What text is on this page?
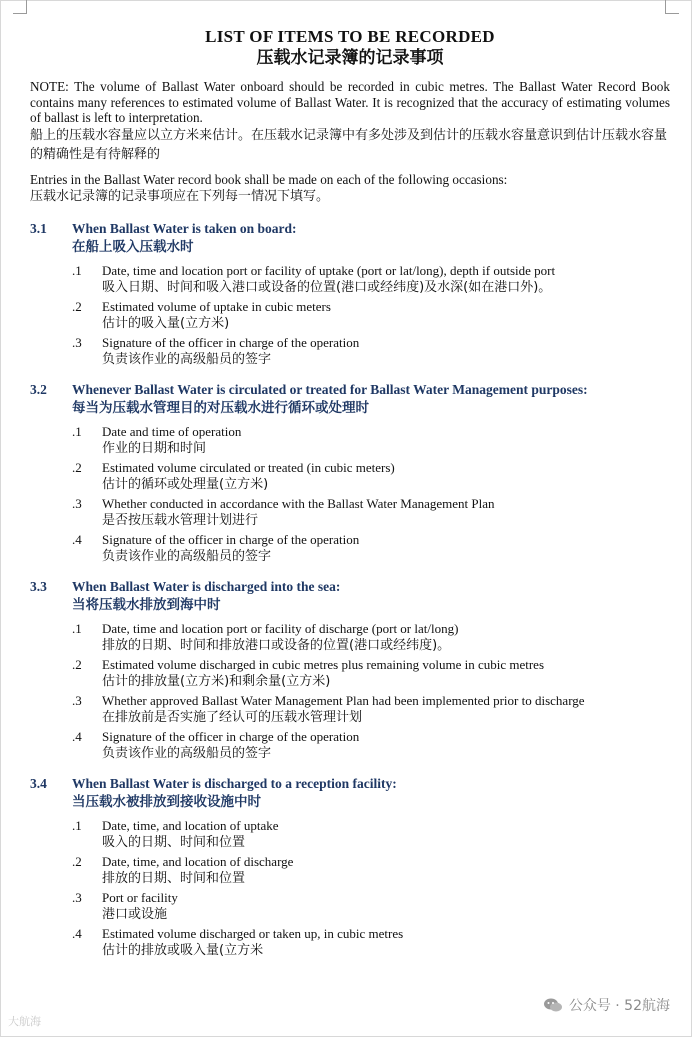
LIST OF ITEMS TO BE RECORDED
压载水记录簿的记录事项
NOTE: The volume of Ballast Water onboard should be recorded in cubic metres. The Ballast Water Record Book contains many references to estimated volume of Ballast Water. It is recognized that the accuracy of estimating volumes of ballast is left to interpretation.
船上的压载水容量应以立方米来估计。在压载水记录簿中有多处涉及到估计的压载水容量意识到估计压载水容量的精确性是有待解释的
Entries in the Ballast Water record book shall be made on each of the following occasions:
压载水记录簿的记录事项应在下列每一情况下填写。
3.1	When Ballast Water is taken on board:
在船上吸入压载水时
.1	Date, time and location port or facility of uptake (port or lat/long), depth if outside port
吸入日期、时间和吸入港口或设备的位置(港口或经纬度)及水深(如在港口外)。
.2	Estimated volume of uptake in cubic meters
估计的吸入量(立方米)
.3	Signature of the officer in charge of the operation
负责该作业的高级船员的签字
3.2	Whenever Ballast Water is circulated or treated for Ballast Water Management purposes:
每当为压载水管理目的对压载水进行循环或处理时
.1	Date and time of operation
作业的日期和时间
.2	Estimated volume circulated or treated (in cubic meters)
估计的循环或处理量(立方米)
.3	Whether conducted in accordance with the Ballast Water Management Plan
是否按压载水管理计划进行
.4	Signature of the officer in charge of the operation
负责该作业的高级船员的签字
3.3	When Ballast Water is discharged into the sea:
当将压载水排放到海中时
.1	Date, time and location port or facility of discharge (port or lat/long)
排放的日期、时间和排放港口或设备的位置(港口或经纬度)。
.2	Estimated volume discharged in cubic metres plus remaining volume in cubic metres
估计的排放量(立方米)和剩余量(立方米)
.3	Whether approved Ballast Water Management Plan had been implemented prior to discharge
在排放前是否实施了经认可的压载水管理计划
.4	Signature of the officer in charge of the operation
负责该作业的高级船员的签字
3.4	When Ballast Water is discharged to a reception facility:
当压载水被排放到接收设施中时
.1	Date, time, and location of uptake
吸入的日期、时间和位置
.2	Date, time, and location of discharge
排放的日期、时间和位置
.3	Port or facility
港口或设施
.4	Estimated volume discharged or taken up, in cubic metres
估计的排放或吸入量(立方米
大航海
公众号 · 52航海
